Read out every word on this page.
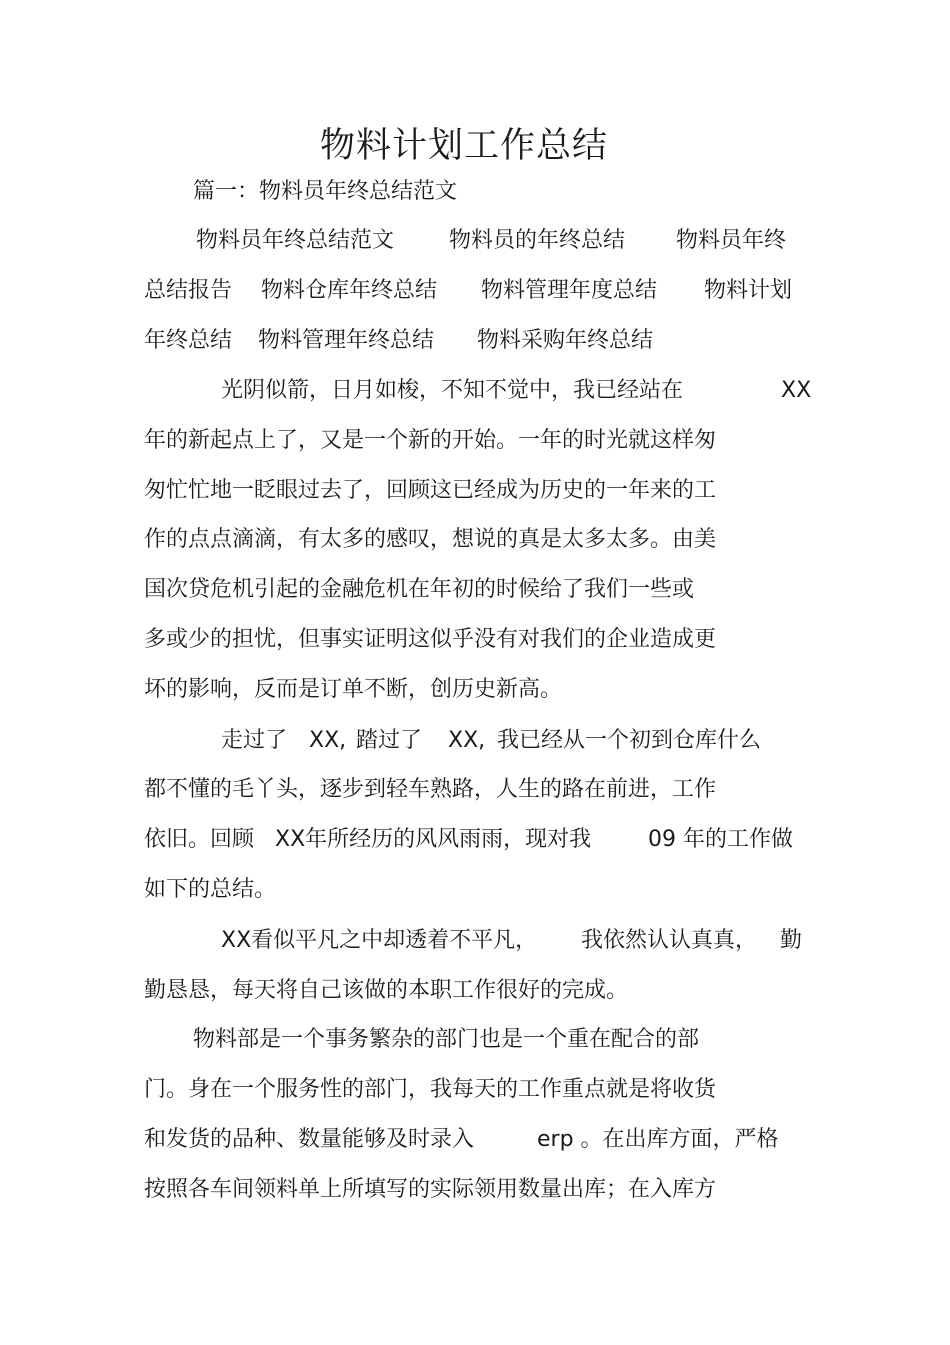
物料计划工作总结
篇一：物料员年终总结范文

物料员年终总结范文

物料员的年终总结

物料员年终

总结报告

物料仓库年终总结

物料管理年度总结

物料计划

年终总结

物料管理年终总结

物料采购年终总结

光阴似箭，日月如梭，不知不觉中，我已经站在

	XX

年的新起点上了，又是一个新的开始。一年的时光就这样匆
匆忙忙地一眨眼过去了，回顾这已经成为历史的一年来的工
作的点点滴滴，有太多的感叹，想说的真是太多太多。由美
国次贷危机引起的金融危机在年初的时候给了我们一些或
多或少的担忧，但事实证明这似乎没有对我们的企业造成更
坏的影响，反而是订单不断，创历史新高。

走过了

XX,

踏过了

XX,

我已经从一个初到仓库什么

都不懂的毛丫头，逐步到轻车熟路，人生的路在前进，工作

依旧。回顾

XX年所经历的风风雨雨，现对我

	09 年的工作做

如下的总结。

XX看似平凡之中却透着不平凡，

我依然认认真真，

勤

勤恳恳，每天将自己该做的本职工作很好的完成。
物料部是一个事务繁杂的部门也是一个重在配合的部
门。身在一个服务性的部门，我每天的工作重点就是将收货

和发货的品种、数量能够及时录入

	erp 。在出库方面，严格

按照各车间领料单上所填写的实际领用数量出库；在入库方
